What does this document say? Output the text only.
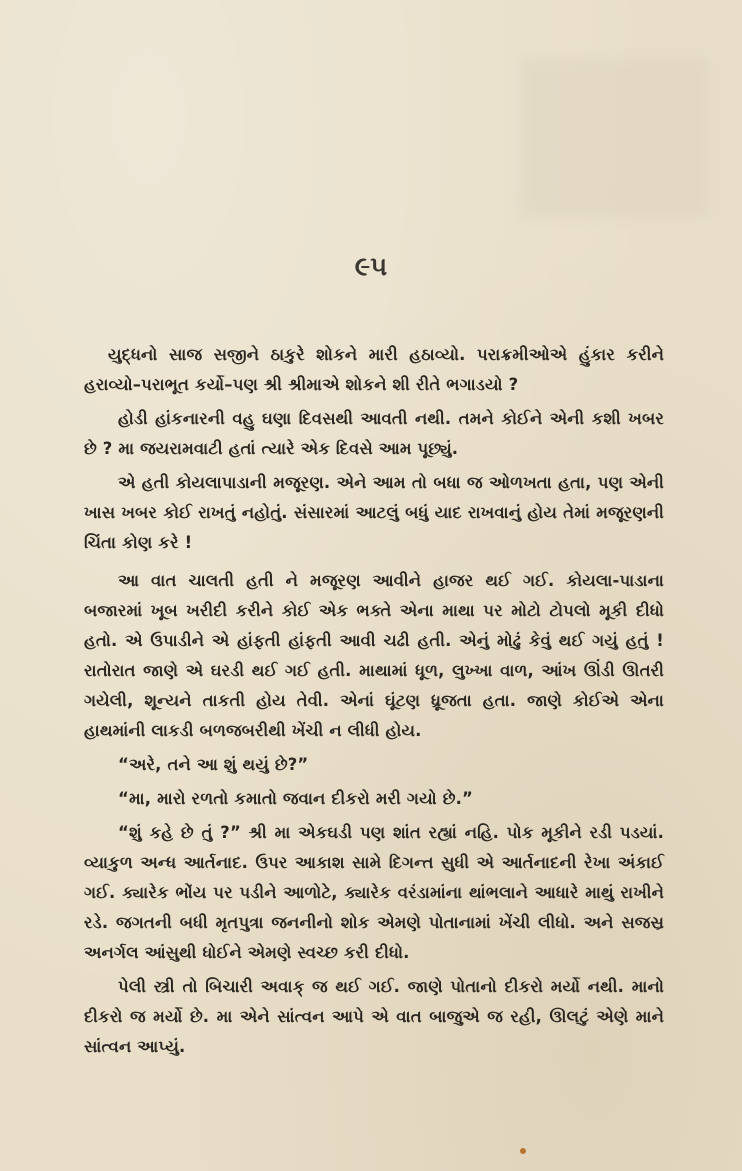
૯૫

યુદ્ધનો સાજ સજીને ઠાકુરે શોકને મારી હઠાવ્યો. પરાક્રમીઓએ હુંકાર કરીને હરાવ્યો–પરાભૂત કર્યો–પણ શ્રી શ્રીમાએ શોકને શી રીતે ભગાડયો ?

હોડી હાંકનારની વહુ ઘણા દિવસથી આવતી નથી. તમને કોઈને એની કશી ખબર છે ? મા જયરામવાટી હતાં ત્યારે એક દિવસે આમ પૂછ્યું.

એ હતી કોયલાપાડાની મજૂરણ. એને આમ તો બધા જ ઓળખતા હતા, પણ એની ખાસ ખબર કોઈ રાખતું નહોતું. સંસારમાં આટલું બધું યાદ રાખવાનું હોય તેમાં મજૂરણની ચિંતા કોણ કરે !

આ વાત ચાલતી હતી ને મજૂરણ આવીને હાજર થઈ ગઈ. કોયલા-પાડાના બજારમાં ખૂબ ખરીદી કરીને કોઈ એક ભક્તે એના માથા પર મોટો ટોપલો મૂકી દીધો હતો. એ ઉપાડીને એ હાંફતી હાંફતી આવી ચઢી હતી. એનું મોઢું કેવું થઈ ગયું હતું ! રાતોરાત જાણે એ ઘરડી થઈ ગઈ હતી. માથામાં ધૂળ, લુખ્ખા વાળ, આંખ ઊંડી ઊતરી ગયેલી, શૂન્યને તાકતી હોય તેવી. એનાં ઘૂંટણ ધ્રૂજતા હતા. જાણે કોઈએ એના હાથમાંની લાકડી બળજબરીથી ખેંચી ન લીધી હોય.

“અરે, તને આ શું થયું છે?”

“મા, મારો રળતો કમાતો જવાન દીકરો મરી ગયો છે.”

“શું કહે છે તું ?” શ્રી મા એકઘડી પણ શાંત રહ્યાં નહિ. પોક મૂકીને રડી પડયાં. વ્યાકુળ અન્ધ આર્તનાદ. ઉપર આકાશ સામે દિગન્ત સુધી એ આર્તનાદની રેખા અંકાઈ ગઈ. ક્યારેક ભોંય પર પડીને આળોટે, ક્યારેક વરંડામાંના થાંભલાને આધારે માથું રાખીને રડે. જગતની બધી મૃતપુત્રા જનનીનો શોક એમણે પોતાનામાં ખેંચી લીધો. અને સજસ્ર અનર્ગલ આંસુથી ધોઈને એમણે સ્વચ્છ કરી દીધો.

પેલી સ્ત્રી તો બિચારી અવાક્ જ થઈ ગઈ. જાણે પોતાનો દીકરો મર્યો નથી. માનો દીકરો જ મર્યો છે. મા એને સાંત્વન આપે એ વાત બાજુએ જ રહી, ઊલટું એણે માને સાંત્વન આપ્યું.
